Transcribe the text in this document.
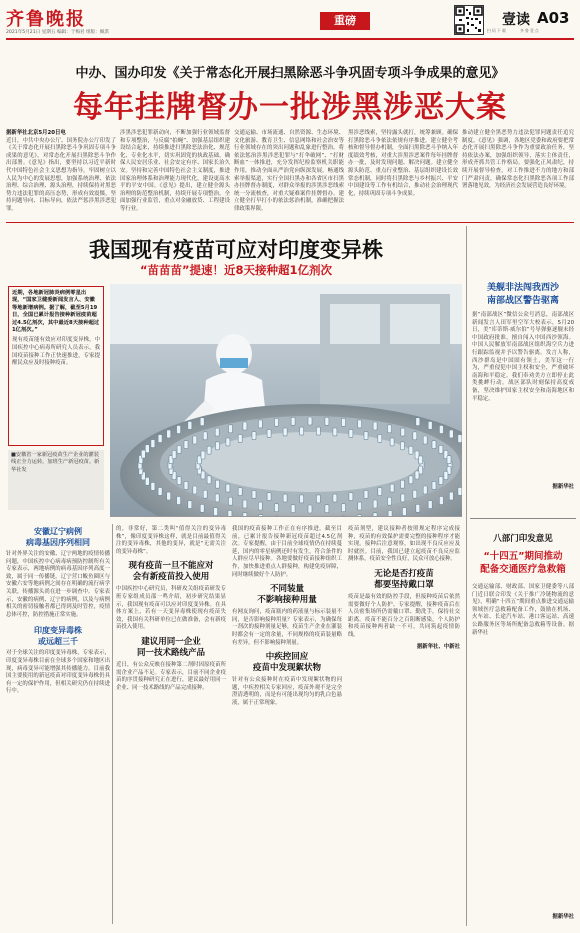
齐鲁晚报
2021年5月21日 星期五 编辑：于梅君 组版：佩淇
重磅
扫 码 下 载	齐 鲁 壹 点
壹读 A03
中办、国办印发《关于常态化开展扫黑除恶斗争巩固专项斗争成果的意见》
每年挂牌督办一批涉黑涉恶大案
据新华社北京5月20日电
近日，中共中央办公厅、国务院办公厅印发了《关于常态化开展扫黑除恶斗争巩固专项斗争成果的意见》，对常态化开展扫黑除恶斗争作出部署。《意见》指出，要坚持以习近平新时代中国特色社会主义思想为指导，牢固树立以人民为中心的发展思想，加强系统治理、依法治理、综合治理、源头治理，持续保持对黑恶势力违法犯罪的高压态势，形成有效震慑，坚持问题导向、目标导向，依法严惩涉黑涉恶犯罪。
涉黑涉恶犯罪新动向，不断加强行业领域监督和专项整治，与反腐“拍蝇”、加强基层组织建设结合起来，持续推进扫黑除恶法治化、规范化、专业化水平，切实巩固党的执政基础，确保人民安居乐业、社会安定有序、国家长治久安。坚持和完善中国特色社会主义制度，推进国家治理体系和治理能力现代化，建设更高水平的平安中国。《意见》提出，建立健全源头治理的防范整治机制，持续开展专项整治，全面加强行业监管，重点对金融放贷、工程建设等行业。
交通运输、市场流通、自然资源、生态环境、文化旅游、教育卫生、信息网络和社会治安等行业领域存在的突出问题和乱象进行整治。将依法惩治涉黑涉恶犯罪与“打伞破网”、“打财断血”一体推进，充分发挥纪检监察机关职能作用，推动全面从严治党向纵深发展。畅通线索举报渠道，实行全国扫黑办和各省区市扫黑办挂牌督办制度，对群众举报的涉黑涉恶线索统一分流核查，对重大疑难案件挂牌督办。建立健全打早打小的依法惩治机制，准确把握法律政策界限。
黑涉恶线索，坚持露头就打，统筹兼顾。确保打黑除恶斗争依法依规有序推进。建立健全考核和督导督办机制，全面扫黑除恶斗争纳入年度绩效考核，对重大涉黑涉恶案件每年挂牌督办一批，及时发现问题、解决问题。建立健全源头防范、重点行业整治、基层组织建设长效常态机制，同时将扫黑除恶与乡村振兴、平安中国建设等工作有机结合，推动社会治理现代化，持续巩固专项斗争成果。
推动建立健全黑恶势力违法犯罪问题责任追究制度。《意见》强调，各地区党委和政府要把常态化开展扫黑除恶斗争作为重要政治任务，坚持依法办案，加强组织领导，落实主体责任，形成齐抓共管工作格局。要强化正风肃纪，持续开展督导检查，对工作推进不力的地方和部门严肃问责，确保常态化扫黑除恶各项工作部署落地见效，为经济社会发展营造良好环境。
我国现有疫苗可应对印度变异株
“苗苗苗”提速！近8天接种超1亿剂次
近期，各地新冠肺炎病例零星出现，“国家卫健委新闻发言人、安徽等地新增病例。据了解，截至5月19日，全国已累计报告接种新冠疫苗超过4.5亿剂次，其中最近8天接种超过1亿剂次。”
现有疫苗能有效应对印度变异株，中国疾控中心病毒所研究人员表示，我国疫苗接种工作正快速推进，专家提醒民众应及时接种疫苗。
■安徽省一家新冠疫苗生产企业的灌装线正全力运转，加班生产新冠疫苗。新华社发
安徽辽宁病例
病毒基因序列相同
针对外界关注的安徽、辽宁两地的疫情传播问题，中国疾控中心病毒病预防控制所有关专家表示，两地病例的病毒基因序列高度一致，属于同一传播链。辽宁营口鲅鱼圈区与安徽六安等地病例之间存在明确的流行病学关联，传播源头尚在进一步调查中。专家表示，安徽的病例、辽宁的病例，以及与病例相关的密切接触者都已得到及时管控，疫情总体可控，防控措施正常实施。
印度变异毒株
或远超三千
对于全球关注的印度变异毒株，专家表示，印度变异毒株目前在全球多个国家和地区出现，病毒变异可能增强其传播能力。目前我国主要使用的新冠疫苗对印度变异毒株仍具有一定的保护作用，但相关研究仍在持续进行中。
的，非常好，第二类叫“值得关注的变异毒株”，像印度变异株这样，就是目前最值得关注的变异毒株，其他的变异，就是“无需关注的变异毒株”。
现有疫苗一旦不能应对
会有新疫苗投入使用
中国疾控中心研究员，科研攻关组疫苗研发专班专家组成员邵一鸣介绍，初步研究结果显示，我国现有疫苗可以应对印度变异株。在具体方案上，若有一天变异毒株使现有疫苗失效，我国有关科研单位已在做准备，会有新疫苗投入使用。
建议用同一企业
同一技术路线产品
近日，有公众反映在接种第二剂时因原疫苗所需企业产品不足。专家表示，目前不同企业疫苗的序贯接种研究正在进行，建议最好用同一企业、同一技术路线的产品完成接种。
我国的疫苗接种工作正在有序推进，截至目前，已累计报告接种新冠疫苗超过4.5亿剂次。专家提醒，由于目前全球疫情仍在持续蔓延，国内的零星病例还时有发生，符合条件的人群应尽早接种。各地要做好疫苗接种组织工作，加快推进重点人群接种，构建免疫屏障，同时继续做好个人防护。
不同装量
不影响接种用量
有网友询问，疫苗瓶内的药液量与标示装量不同，是否影响接种用量？专家表示，为确保每一剂次的接种剂量足够，疫苗生产企业在灌装时都会有一定的余量，不同规格的疫苗装量略有差异，但不影响接种剂量。
中疾控回应
疫苗中发现絮状物
针对有公众接种时在疫苗中发现絮状物的问题，中疾控相关专家回应，疫苗外观不是完全澄清透明的，而是有可能出现均匀的乳白色悬液，属于正常现象。
疫苗剂型，建议接种者按照规定程序完成接种，疫苗的有效保护需要完整的接种程序才能实现。接种后注意观察，如出现不良反应应及时就医。目前，我国已建立起疫苗不良反应监测体系，疫苗安全性良好，民众可放心接种。
无论是否打疫苗
都要坚持戴口罩
疫苗是最有效的防控手段，但接种疫苗后依然需要做好个人防护。专家提醒，接种疫苗后在人员密集场所仍需戴口罩、勤洗手，保持社交距离。疫苗不能百分之百阻断感染，个人防护和疫苗接种两者缺一不可，共同筑起疫情防线。
据新华社、中新社
美舰非法闯我西沙
南部战区警告驱离
据“南部战区”微信公众号消息，南部战区新闻发言人田军里空军大校表示，5月20日，美“库蒂斯·威尔伯”号导弹驱逐舰未经中国政府批准，擅自闯入中国西沙领海。中国人民解放军南部战区组织海空兵力进行跟踪监视并予以警告驱离。发言人称，西沙群岛是中国固有领土，美军这一行为，严重侵犯中国主权和安全，严重破坏南海和平稳定。我们奉劝美方立即停止此类挑衅行动。战区部队时刻保持高度戒备，坚决维护国家主权安全和南海地区和平稳定。
据新华社
八部门印发意见
“十四五”期间推动
配备交通医疗急救箱
交通运输部、财政部、国家卫健委等八部门近日联合印发《关于推广冷链物流的意见》，明确“十四五”期间重点推进交通运输领域医疗急救箱配备工作，鼓励在机场、火车站、长途汽车站、港口客运站、高速公路服务区等场所配备急救箱等设备。据新华社
据新华社
